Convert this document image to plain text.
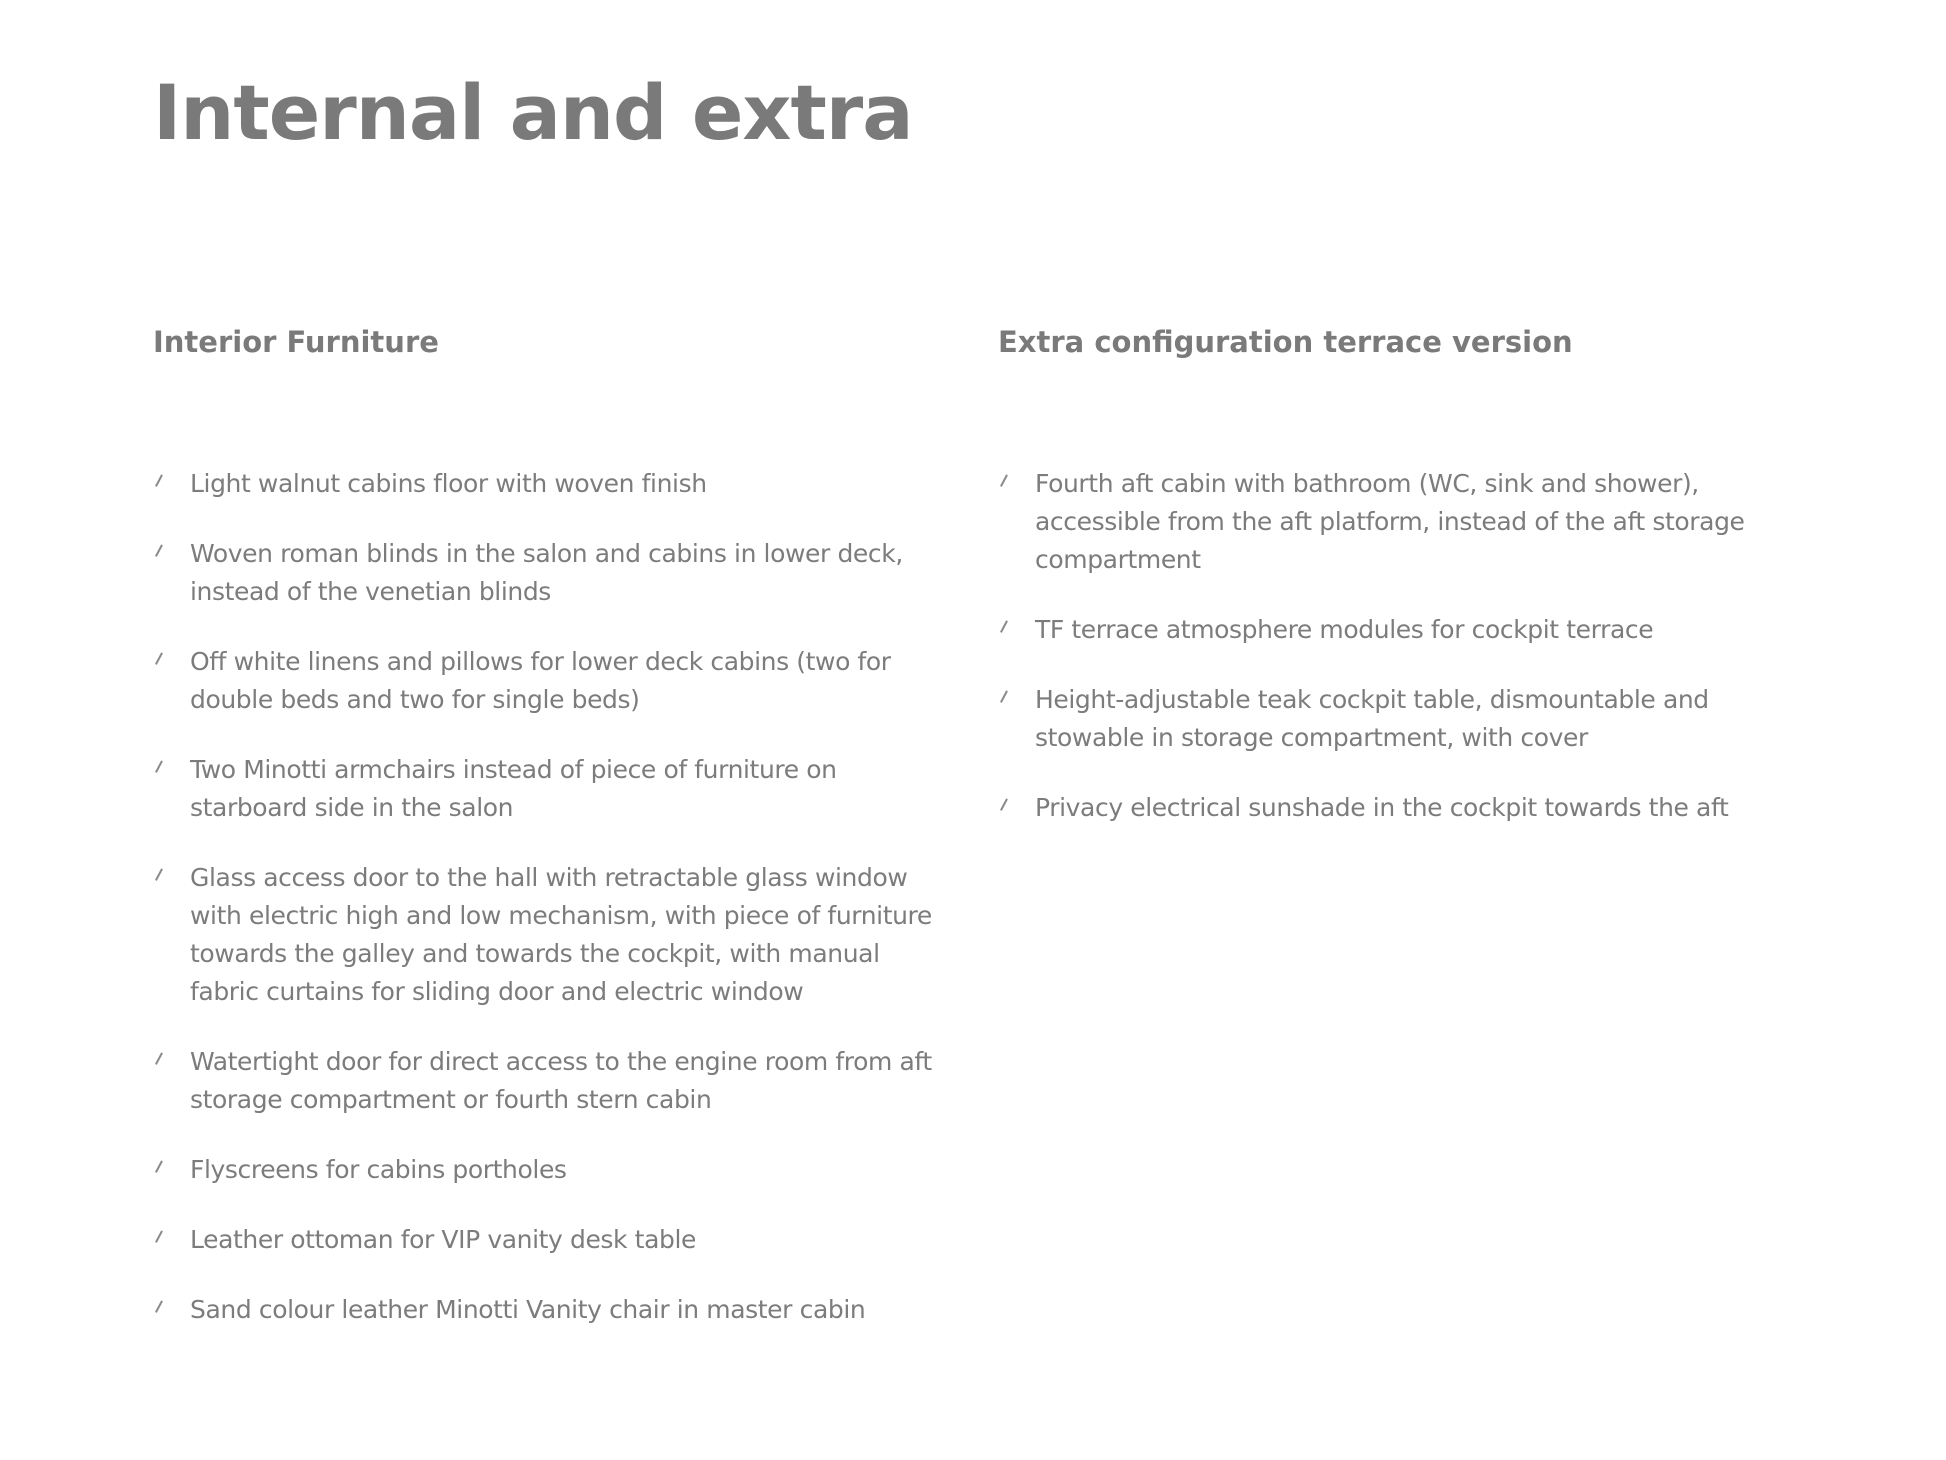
Internal and extra
Interior Furniture
Light walnut cabins floor with woven finish
Woven roman blinds in the salon and cabins in lower deck, instead of the venetian blinds
Off white linens and pillows for lower deck cabins (two for double beds and two for single beds)
Two Minotti armchairs instead of piece of furniture on starboard side in the salon
Glass access door to the hall with retractable glass window with electric high and low mechanism, with piece of furniture towards the galley and towards the cockpit, with manual fabric curtains for sliding door and electric window
Watertight door for direct access to the engine room from aft storage compartment or fourth stern cabin
Flyscreens for cabins portholes
Leather ottoman for VIP vanity desk table
Sand colour leather Minotti Vanity chair in master cabin
Extra configuration terrace version
Fourth aft cabin with bathroom (WC, sink and shower), accessible from the aft platform, instead of the aft storage compartment
TF terrace atmosphere modules for cockpit terrace
Height-adjustable teak cockpit table, dismountable and stowable in storage compartment, with cover
Privacy electrical sunshade in the cockpit towards the aft
